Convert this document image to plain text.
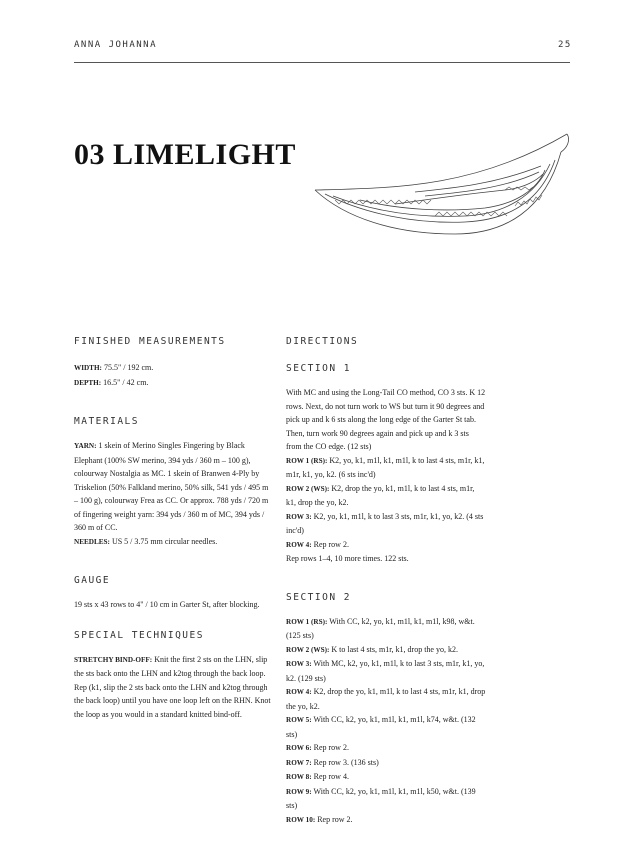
ANNA JOHANNA	25
03 LIMELIGHT

FINISHED MEASUREMENTS

WIDTH: 75.5" / 192 cm.
DEPTH: 16.5" / 42 cm.

MATERIALS

YARN: 1 skein of Merino Singles Fingering by Black Elephant (100% SW merino, 394 yds / 360 m – 100 g), colourway Nostalgia as MC. 1 skein of Branwen 4-Ply by Triskelion (50% Falkland merino, 50% silk, 541 yds / 495 m – 100 g), colourway Frea as CC. Or approx. 788 yds / 720 m of fingering weight yarn: 394 yds / 360 m of MC, 394 yds / 360 m of CC.
NEEDLES: US 5 / 3.75 mm circular needles.

GAUGE

19 sts x 43 rows to 4" / 10 cm in Garter St, after blocking.

SPECIAL TECHNIQUES

STRETCHY BIND-OFF: Knit the first 2 sts on the LHN, slip the sts back onto the LHN and k2tog through the back loop. Rep (k1, slip the 2 sts back onto the LHN and k2tog through the back loop) until you have one loop left on the RHN. Knot the loop as you would in a standard knitted bind-off.

DIRECTIONS

SECTION 1

With MC and using the Long-Tail CO method, CO 3 sts. K 12 rows. Next, do not turn work to WS but turn it 90 degrees and pick up and k 6 sts along the long edge of the Garter St tab. Then, turn work 90 degrees again and pick up and k 3 sts from the CO edge. (12 sts)

ROW 1 (RS): K2, yo, k1, m1l, k1, m1l, k to last 4 sts, m1r, k1, m1r, k1, yo, k2. (6 sts inc'd)
ROW 2 (WS): K2, drop the yo, k1, m1l, k to last 4 sts, m1r, k1, drop the yo, k2.
ROW 3: K2, yo, k1, m1l, k to last 3 sts, m1r, k1, yo, k2. (4 sts inc'd)
ROW 4: Rep row 2.
Rep rows 1–4, 10 more times. 122 sts.

SECTION 2

ROW 1 (RS): With CC, k2, yo, k1, m1l, k1, m1l, k98, w&t. (125 sts)
ROW 2 (WS): K to last 4 sts, m1r, k1, drop the yo, k2.
ROW 3: With MC, k2, yo, k1, m1l, k to last 3 sts, m1r, k1, yo, k2. (129 sts)
ROW 4: K2, drop the yo, k1, m1l, k to last 4 sts, m1r, k1, drop the yo, k2.
ROW 5: With CC, k2, yo, k1, m1l, k1, m1l, k74, w&t. (132 sts)
ROW 6: Rep row 2.
ROW 7: Rep row 3. (136 sts)
ROW 8: Rep row 4.
ROW 9: With CC, k2, yo, k1, m1l, k1, m1l, k50, w&t. (139 sts)
ROW 10: Rep row 2.
